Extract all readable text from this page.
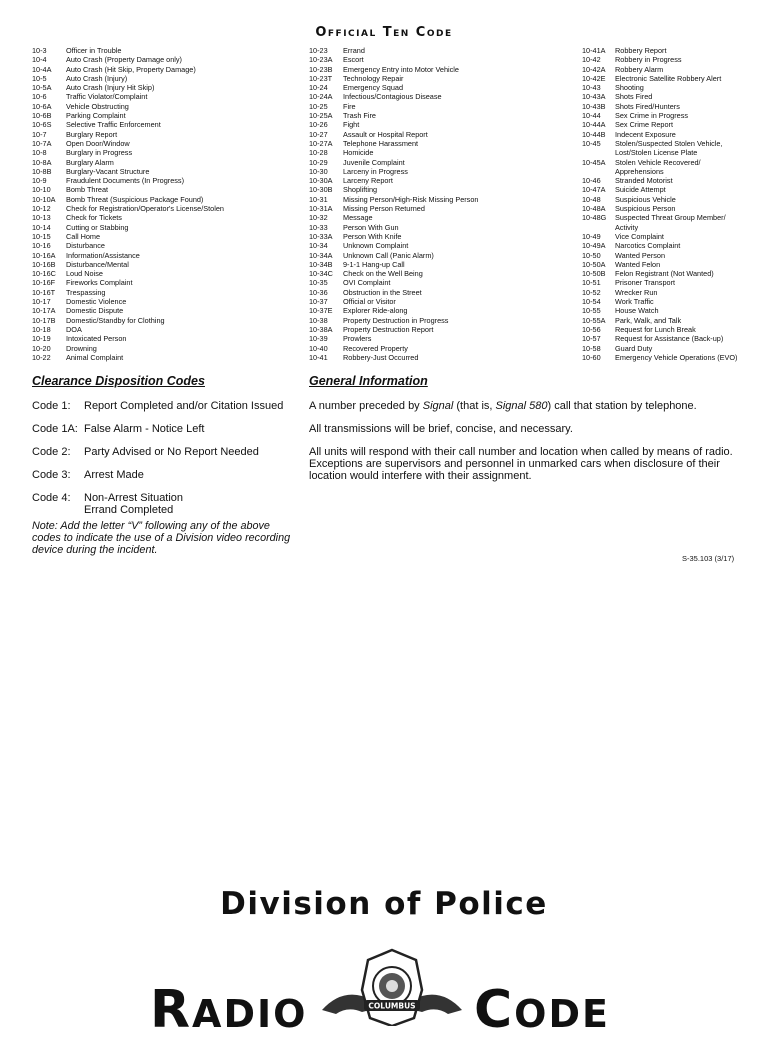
Official Ten Code
10-3	Officer in Trouble
10-4	Auto Crash (Property Damage only)
10-4A	Auto Crash (Hit Skip, Property Damage)
10-5	Auto Crash (Injury)
10-5A	Auto Crash (Injury Hit Skip)
10-6	Traffic Violator/Complaint
10-6A	Vehicle Obstructing
10-6B	Parking Complaint
10-6S	Selective Traffic Enforcement
10-7	Burglary Report
10-7A	Open Door/Window
10-8	Burglary in Progress
10-8A	Burglary Alarm
10-8B	Burglary-Vacant Structure
10-9	Fraudulent Documents (In Progress)
10-10	Bomb Threat
10-10A	Bomb Threat (Suspicious Package Found)
10-12	Check for Registration/Operator's License/Stolen
10-13	Check for Tickets
10-14	Cutting or Stabbing
10-15	Call Home
10-16	Disturbance
10-16A	Information/Assistance
10-16B	Disturbance/Mental
10-16C	Loud Noise
10-16F	Fireworks Complaint
10-16T	Trespassing
10-17	Domestic Violence
10-17A	Domestic Dispute
10-17B	Domestic/Standby for Clothing
10-18	DOA
10-19	Intoxicated Person
10-20	Drowning
10-22	Animal Complaint
10-23	Errand
10-23A	Escort
10-23B	Emergency Entry into Motor Vehicle
10-23T	Technology Repair
10-24	Emergency Squad
10-24A	Infectious/Contagious Disease
10-25	Fire
10-25A	Trash Fire
10-26	Fight
10-27	Assault or Hospital Report
10-27A	Telephone Harassment
10-28	Homicide
10-29	Juvenile Complaint
10-30	Larceny in Progress
10-30A	Larceny Report
10-30B	Shoplifting
10-31	Missing Person/High-Risk Missing Person
10-31A	Missing Person Returned
10-32	Message
10-33	Person With Gun
10-33A	Person With Knife
10-34	Unknown Complaint
10-34A	Unknown Call (Panic Alarm)
10-34B	9-1-1 Hang-up Call
10-34C	Check on the Well Being
10-35	OVI Complaint
10-36	Obstruction in the Street
10-37	Official or Visitor
10-37E	Explorer Ride-along
10-38	Property Destruction in Progress
10-38A	Property Destruction Report
10-39	Prowlers
10-40	Recovered Property
10-41	Robbery-Just Occurred
10-41A	Robbery Report
10-42	Robbery in Progress
10-42A	Robbery Alarm
10-42E	Electronic Satellite Robbery Alert
10-43	Shooting
10-43A	Shots Fired
10-43B	Shots Fired/Hunters
10-44	Sex Crime in Progress
10-44A	Sex Crime Report
10-44B	Indecent Exposure
10-45	Stolen/Suspected Stolen Vehicle, Lost/Stolen License Plate
10-45A	Stolen Vehicle Recovered/ Apprehensions
10-46	Stranded Motorist
10-47A	Suicide Attempt
10-48	Suspicious Vehicle
10-48A	Suspicious Person
10-48G	Suspected Threat Group Member/ Activity
10-49	Vice Complaint
10-49A	Narcotics Complaint
10-50	Wanted Person
10-50A	Wanted Felon
10-50B	Felon Registrant (Not Wanted)
10-51	Prisoner Transport
10-52	Wrecker Run
10-54	Work Traffic
10-55	House Watch
10-55A	Park, Walk, and Talk
10-56	Request for Lunch Break
10-57	Request for Assistance (Back-up)
10-58	Guard Duty
10-60	Emergency Vehicle Operations (EVO)
Clearance Disposition Codes	General Information
Code 1:	Report Completed and/or Citation Issued
Code 1A: False Alarm - Notice Left
Code 2:	Party Advised or No Report Needed
Code 3:	Arrest Made
Code 4:	Non-Arrest Situation
Errand Completed
Note: Add the letter “V” following any of the above codes to indicate the use of a Division video recording device during the incident.

A number preceded by Signal (that is, Signal 580) call that station by telephone.

All transmissions will be brief, concise, and necessary.

All units will respond with their call number and location when called by means of radio. Exceptions are supervisors and personnel in unmarked cars when disclosure of their location would interfere with their assignment.

S-35.103 (3/17)
Division of Police
RADIO	CODE
COLUMBUS
